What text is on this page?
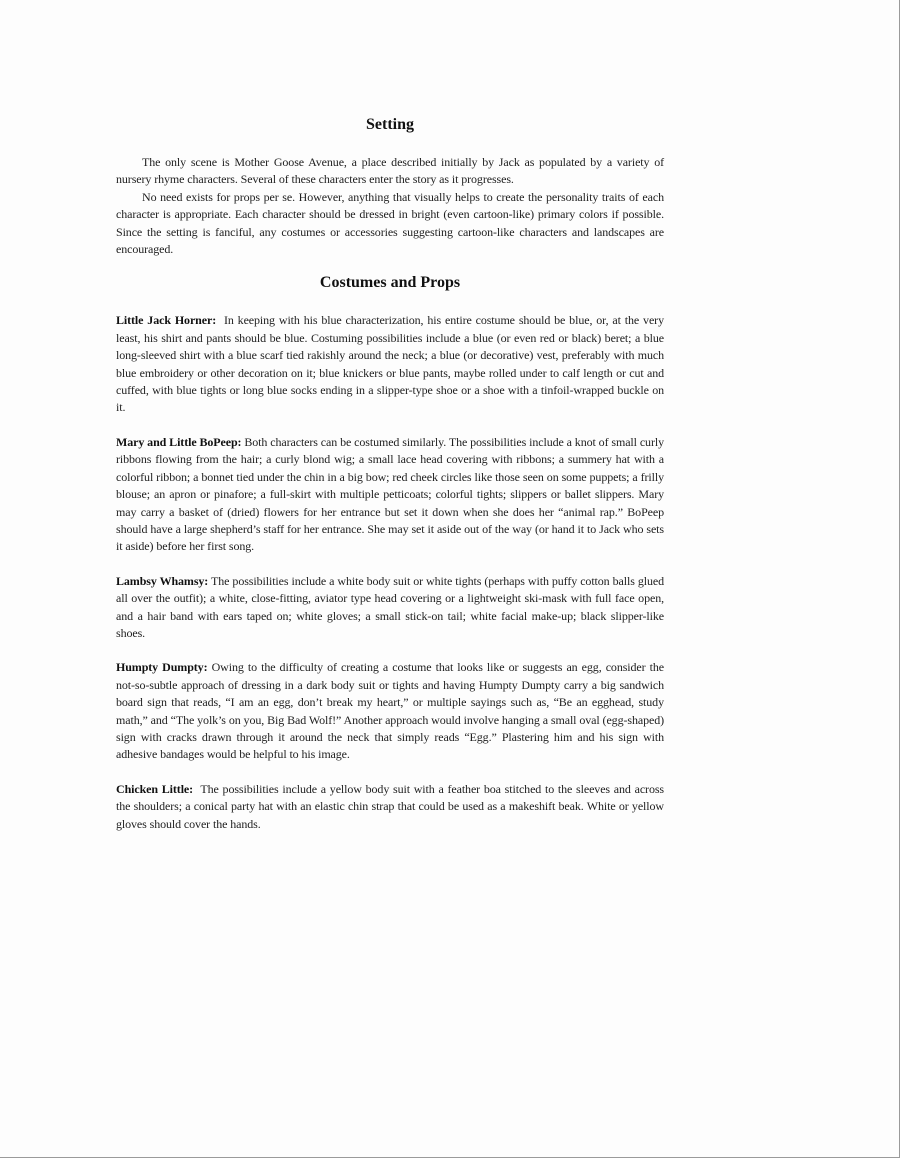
Setting

The only scene is Mother Goose Avenue, a place described initially by Jack as populated by a variety of nursery rhyme characters. Several of these characters enter the story as it progresses.

No need exists for props per se. However, anything that visually helps to create the personality traits of each character is appropriate. Each character should be dressed in bright (even cartoon-like) primary colors if possible. Since the setting is fanciful, any costumes or accessories suggesting cartoon-like characters and landscapes are encouraged.

Costumes and Props

Little Jack Horner: In keeping with his blue characterization, his entire costume should be blue, or, at the very least, his shirt and pants should be blue. Costuming possibilities include a blue (or even red or black) beret; a blue long-sleeved shirt with a blue scarf tied rakishly around the neck; a blue (or decorative) vest, preferably with much blue embroidery or other decoration on it; blue knickers or blue pants, maybe rolled under to calf length or cut and cuffed, with blue tights or long blue socks ending in a slipper-type shoe or a shoe with a tinfoil-wrapped buckle on it.

Mary and Little BoPeep: Both characters can be costumed similarly. The possibilities include a knot of small curly ribbons flowing from the hair; a curly blond wig; a small lace head covering with ribbons; a summery hat with a colorful ribbon; a bonnet tied under the chin in a big bow; red cheek circles like those seen on some puppets; a frilly blouse; an apron or pinafore; a full-skirt with multiple petticoats; colorful tights; slippers or ballet slippers. Mary may carry a basket of (dried) flowers for her entrance but set it down when she does her “animal rap.” BoPeep should have a large shepherd’s staff for her entrance. She may set it aside out of the way (or hand it to Jack who sets it aside) before her first song.

Lambsy Whamsy: The possibilities include a white body suit or white tights (perhaps with puffy cotton balls glued all over the outfit); a white, close-fitting, aviator type head covering or a lightweight ski-mask with full face open, and a hair band with ears taped on; white gloves; a small stick-on tail; white facial make-up; black slipper-like shoes.

Humpty Dumpty: Owing to the difficulty of creating a costume that looks like or suggests an egg, consider the not-so-subtle approach of dressing in a dark body suit or tights and having Humpty Dumpty carry a big sandwich board sign that reads, “I am an egg, don’t break my heart,” or multiple sayings such as, “Be an egghead, study math,” and “The yolk’s on you, Big Bad Wolf!” Another approach would involve hanging a small oval (egg-shaped) sign with cracks drawn through it around the neck that simply reads “Egg.” Plastering him and his sign with adhesive bandages would be helpful to his image.

Chicken Little: The possibilities include a yellow body suit with a feather boa stitched to the sleeves and across the shoulders; a conical party hat with an elastic chin strap that could be used as a makeshift beak. White or yellow gloves should cover the hands.
